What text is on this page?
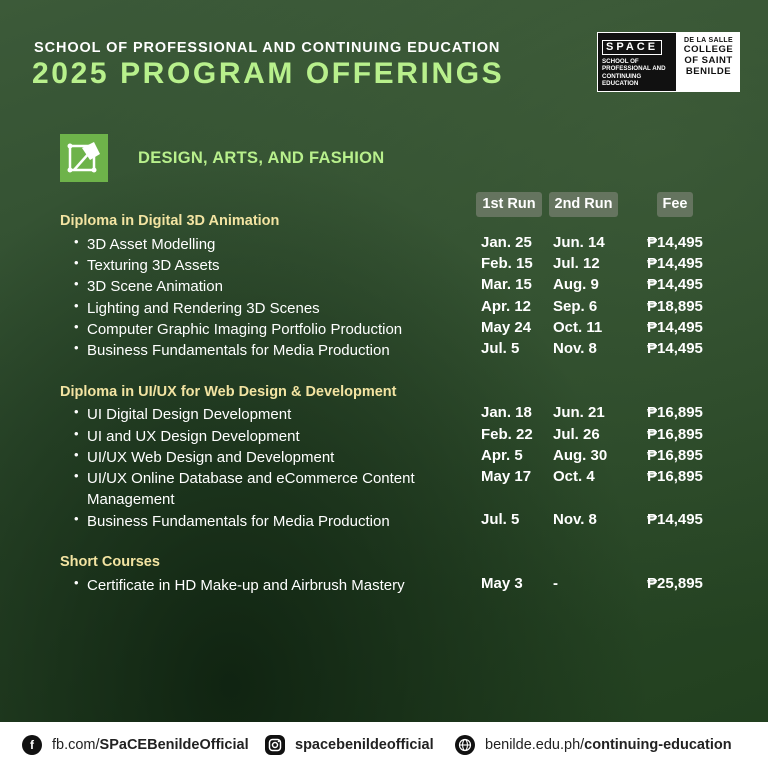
SCHOOL OF PROFESSIONAL AND CONTINUING EDUCATION
2025 PROGRAM OFFERINGS
SPACE
SCHOOL OF
PROFESSIONAL AND
CONTINUING
EDUCATION
DE LA SALLE
COLLEGE
OF SAINT
BENILDE
DESIGN, ARTS, AND FASHION
1st Run	2nd Run	Fee
Diploma in Digital 3D Animation
• 3D Asset Modelling	Jan. 25 Jun. 14	₱14,495
• Texturing 3D Assets	Feb. 15 Jul. 12	₱14,495
• 3D Scene Animation	Mar. 15 Aug. 9	₱14,495
• Lighting and Rendering 3D Scenes	Apr. 12 Sep. 6	₱18,895
• Computer Graphic Imaging Portfolio Production	May 24 Oct. 11	₱14,495
• Business Fundamentals for Media Production	Jul. 5 Nov. 8	₱14,495
Diploma in UI/UX for Web Design & Development
• UI Digital Design Development	Jan. 18 Jun. 21	₱16,895
• UI and UX Design Development	Feb. 22 Jul. 26	₱16,895
• UI/UX Web Design and Development	Apr. 5 Aug. 30	₱16,895
• UI/UX Online Database and eCommerce Content Management
May 17 Oct. 4	₱16,895
• Business Fundamentals for Media Production	Jul. 5 Nov. 8	₱14,495
Short Courses
• Certificate in HD Make-up and Airbrush Mastery	May 3 -	₱25,895
f	fb.com/SPaCEBenildeOfficial	spacebenildeofficial	benilde.edu.ph/continuing-education
